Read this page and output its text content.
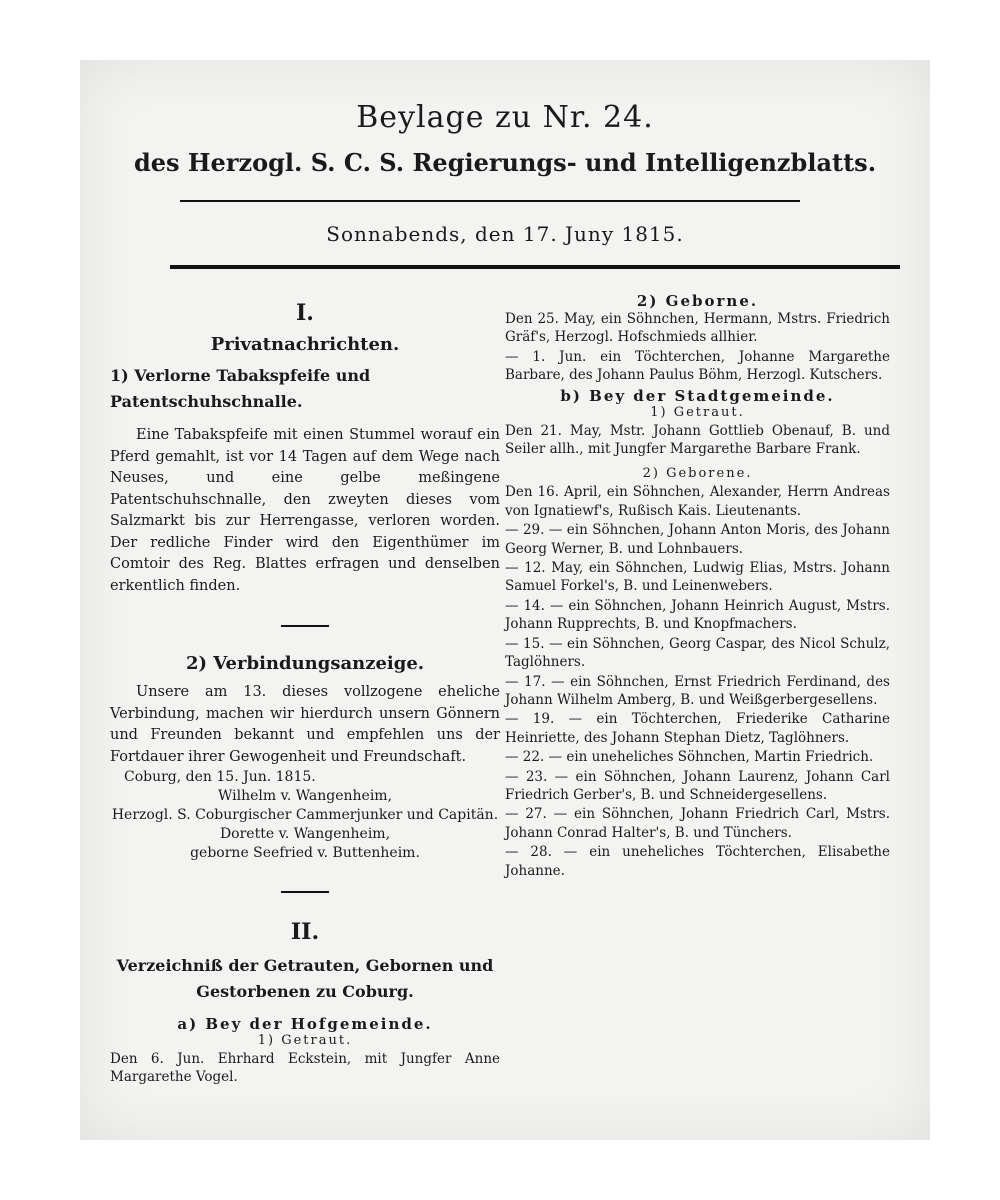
Beylage zu Nr. 24.
des Herzogl. S. C. S. Regierungs- und Intelligenzblatts.
Sonnabends, den 17. Juny 1815.
I.
Privatnachrichten.
1) Verlorne Tabakspfeife und Patentschuhschnalle.

Eine Tabakspfeife mit einen Stummel worauf ein Pferd gemahlt, ist vor 14 Tagen auf dem Wege nach Neuses, und eine gelbe meßingene Patentschuhschnalle, den zweyten dieses vom Salzmarkt bis zur Herrengasse, verloren worden. Der redliche Finder wird den Eigenthümer im Comtoir des Reg. Blattes erfragen und denselben erkentlich finden.

2) Verbindungsanzeige.

Unsere am 13. dieses vollzogene eheliche Verbindung, machen wir hierdurch unsern Gönnern und Freunden bekannt und empfehlen uns der Fortdauer ihrer Gewogenheit und Freundschaft.

Coburg, den 15. Jun. 1815.
Wilhelm v. Wangenheim,
Herzogl. S. Coburgischer Cammerjunker und Capitän.
Dorette v. Wangenheim,
geborne Seefried v. Buttenheim.
II.
Verzeichniß der Getrauten, Gebornen und Gestorbenen zu Coburg.
a) Bey der Hofgemeinde.
1) Getraut.

Den 6. Jun. Ehrhard Eckstein, mit Jungfer Anne Margarethe Vogel.

2) Geborne.

Den 25. May, ein Söhnchen, Hermann, Mstrs. Friedrich Gräf's, Herzogl. Hofschmieds allhier.

— 1. Jun. ein Töchterchen, Johanne Margarethe Barbare, des Johann Paulus Böhm, Herzogl. Kutschers.

b) Bey der Stadtgemeinde.
1) Getraut.

Den 21. May, Mstr. Johann Gottlieb Obenauf, B. und Seiler allh., mit Jungfer Margarethe Barbare Frank.

2) Geborene.

Den 16. April, ein Söhnchen, Alexander, Herrn Andreas von Ignatiewf's, Rußisch Kais. Lieutenants.

— 29. — ein Söhnchen, Johann Anton Moris, des Johann Georg Werner, B. und Lohnbauers.

— 12. May, ein Söhnchen, Ludwig Elias, Mstrs. Johann Samuel Forkel's, B. und Leinenwebers.

— 14. — ein Söhnchen, Johann Heinrich August, Mstrs. Johann Rupprechts, B. und Knopfmachers.

— 15. — ein Söhnchen, Georg Caspar, des Nicol Schulz, Taglöhners.

— 17. — ein Söhnchen, Ernst Friedrich Ferdinand, des Johann Wilhelm Amberg, B. und Weißgerbergesellens.

— 19. — ein Töchterchen, Friederike Catharine Heinriette, des Johann Stephan Dietz, Taglöhners.

— 22. — ein uneheliches Söhnchen, Martin Friedrich.

— 23. — ein Söhnchen, Johann Laurenz, Johann Carl Friedrich Gerber's, B. und Schneidergesellens.

— 27. — ein Söhnchen, Johann Friedrich Carl, Mstrs. Johann Conrad Halter's, B. und Tünchers.

— 28. — ein uneheliches Töchterchen, Elisabethe Johanne.
